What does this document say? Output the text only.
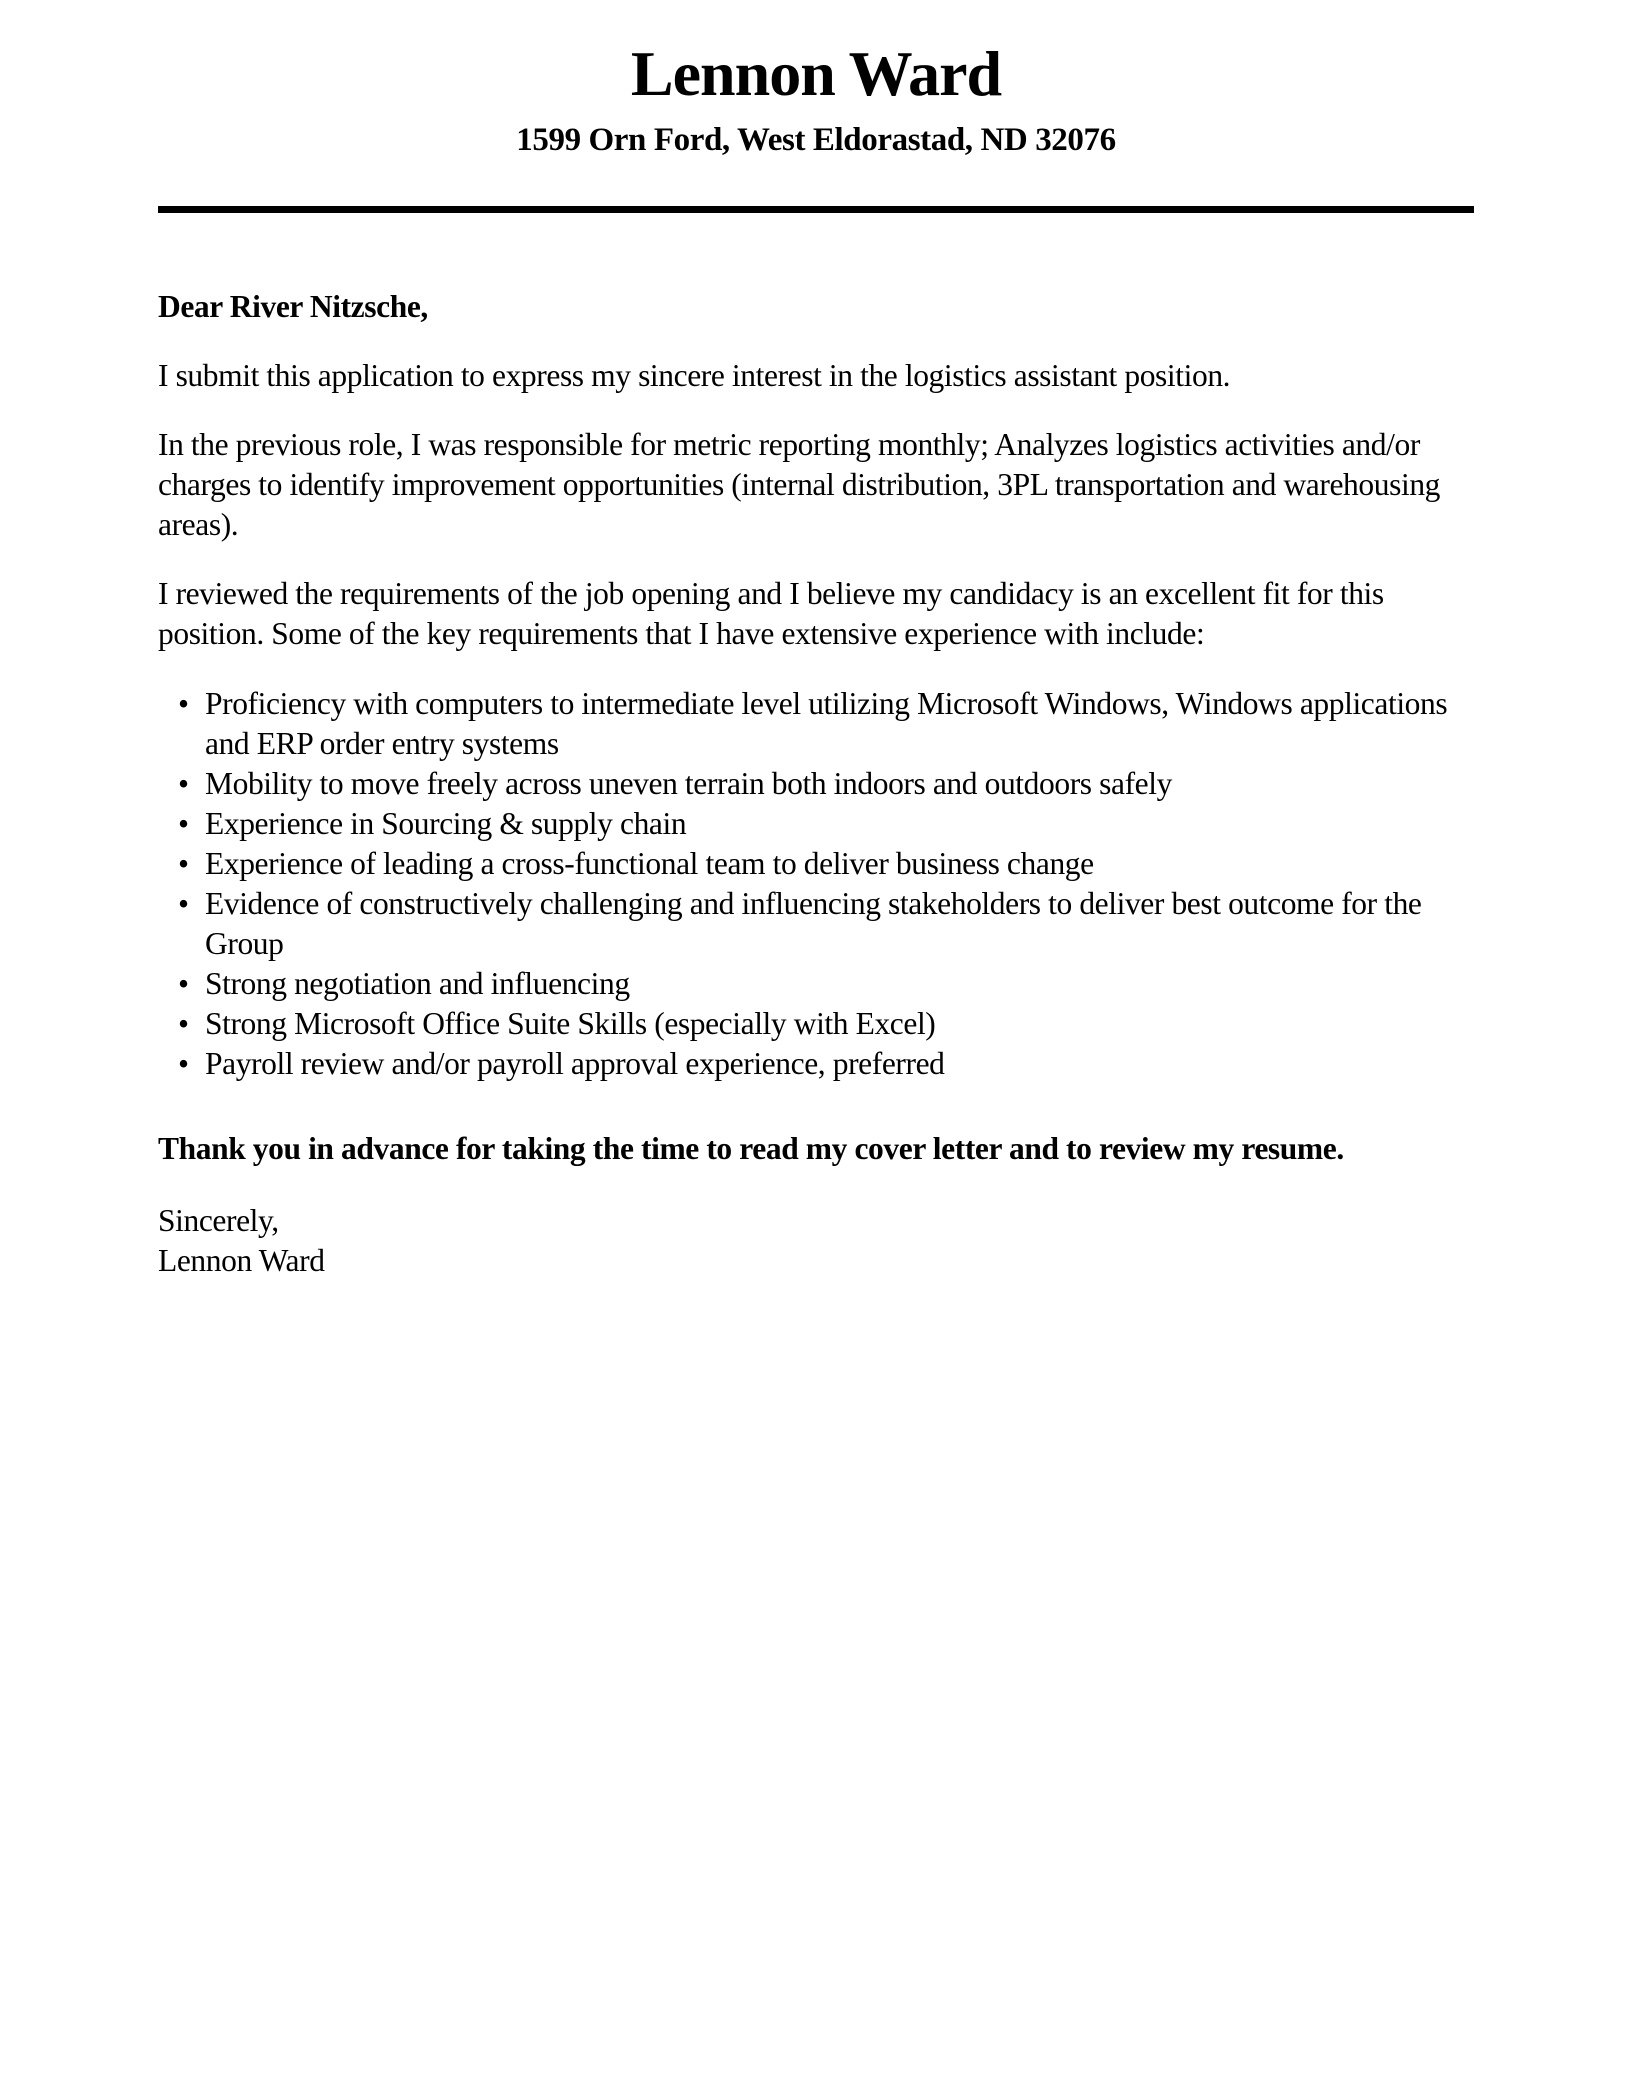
Lennon Ward
1599 Orn Ford, West Eldorastad, ND 32076
Dear River Nitzsche,
I submit this application to express my sincere interest in the logistics assistant position.
In the previous role, I was responsible for metric reporting monthly; Analyzes logistics activities and/or charges to identify improvement opportunities (internal distribution, 3PL transportation and warehousing areas).
I reviewed the requirements of the job opening and I believe my candidacy is an excellent fit for this position. Some of the key requirements that I have extensive experience with include:
• Proficiency with computers to intermediate level utilizing Microsoft Windows, Windows applications and ERP order entry systems
• Mobility to move freely across uneven terrain both indoors and outdoors safely
• Experience in Sourcing & supply chain
• Experience of leading a cross-functional team to deliver business change
• Evidence of constructively challenging and influencing stakeholders to deliver best outcome for the Group
• Strong negotiation and influencing
• Strong Microsoft Office Suite Skills (especially with Excel)
• Payroll review and/or payroll approval experience, preferred
Thank you in advance for taking the time to read my cover letter and to review my resume.
Sincerely,
Lennon Ward
